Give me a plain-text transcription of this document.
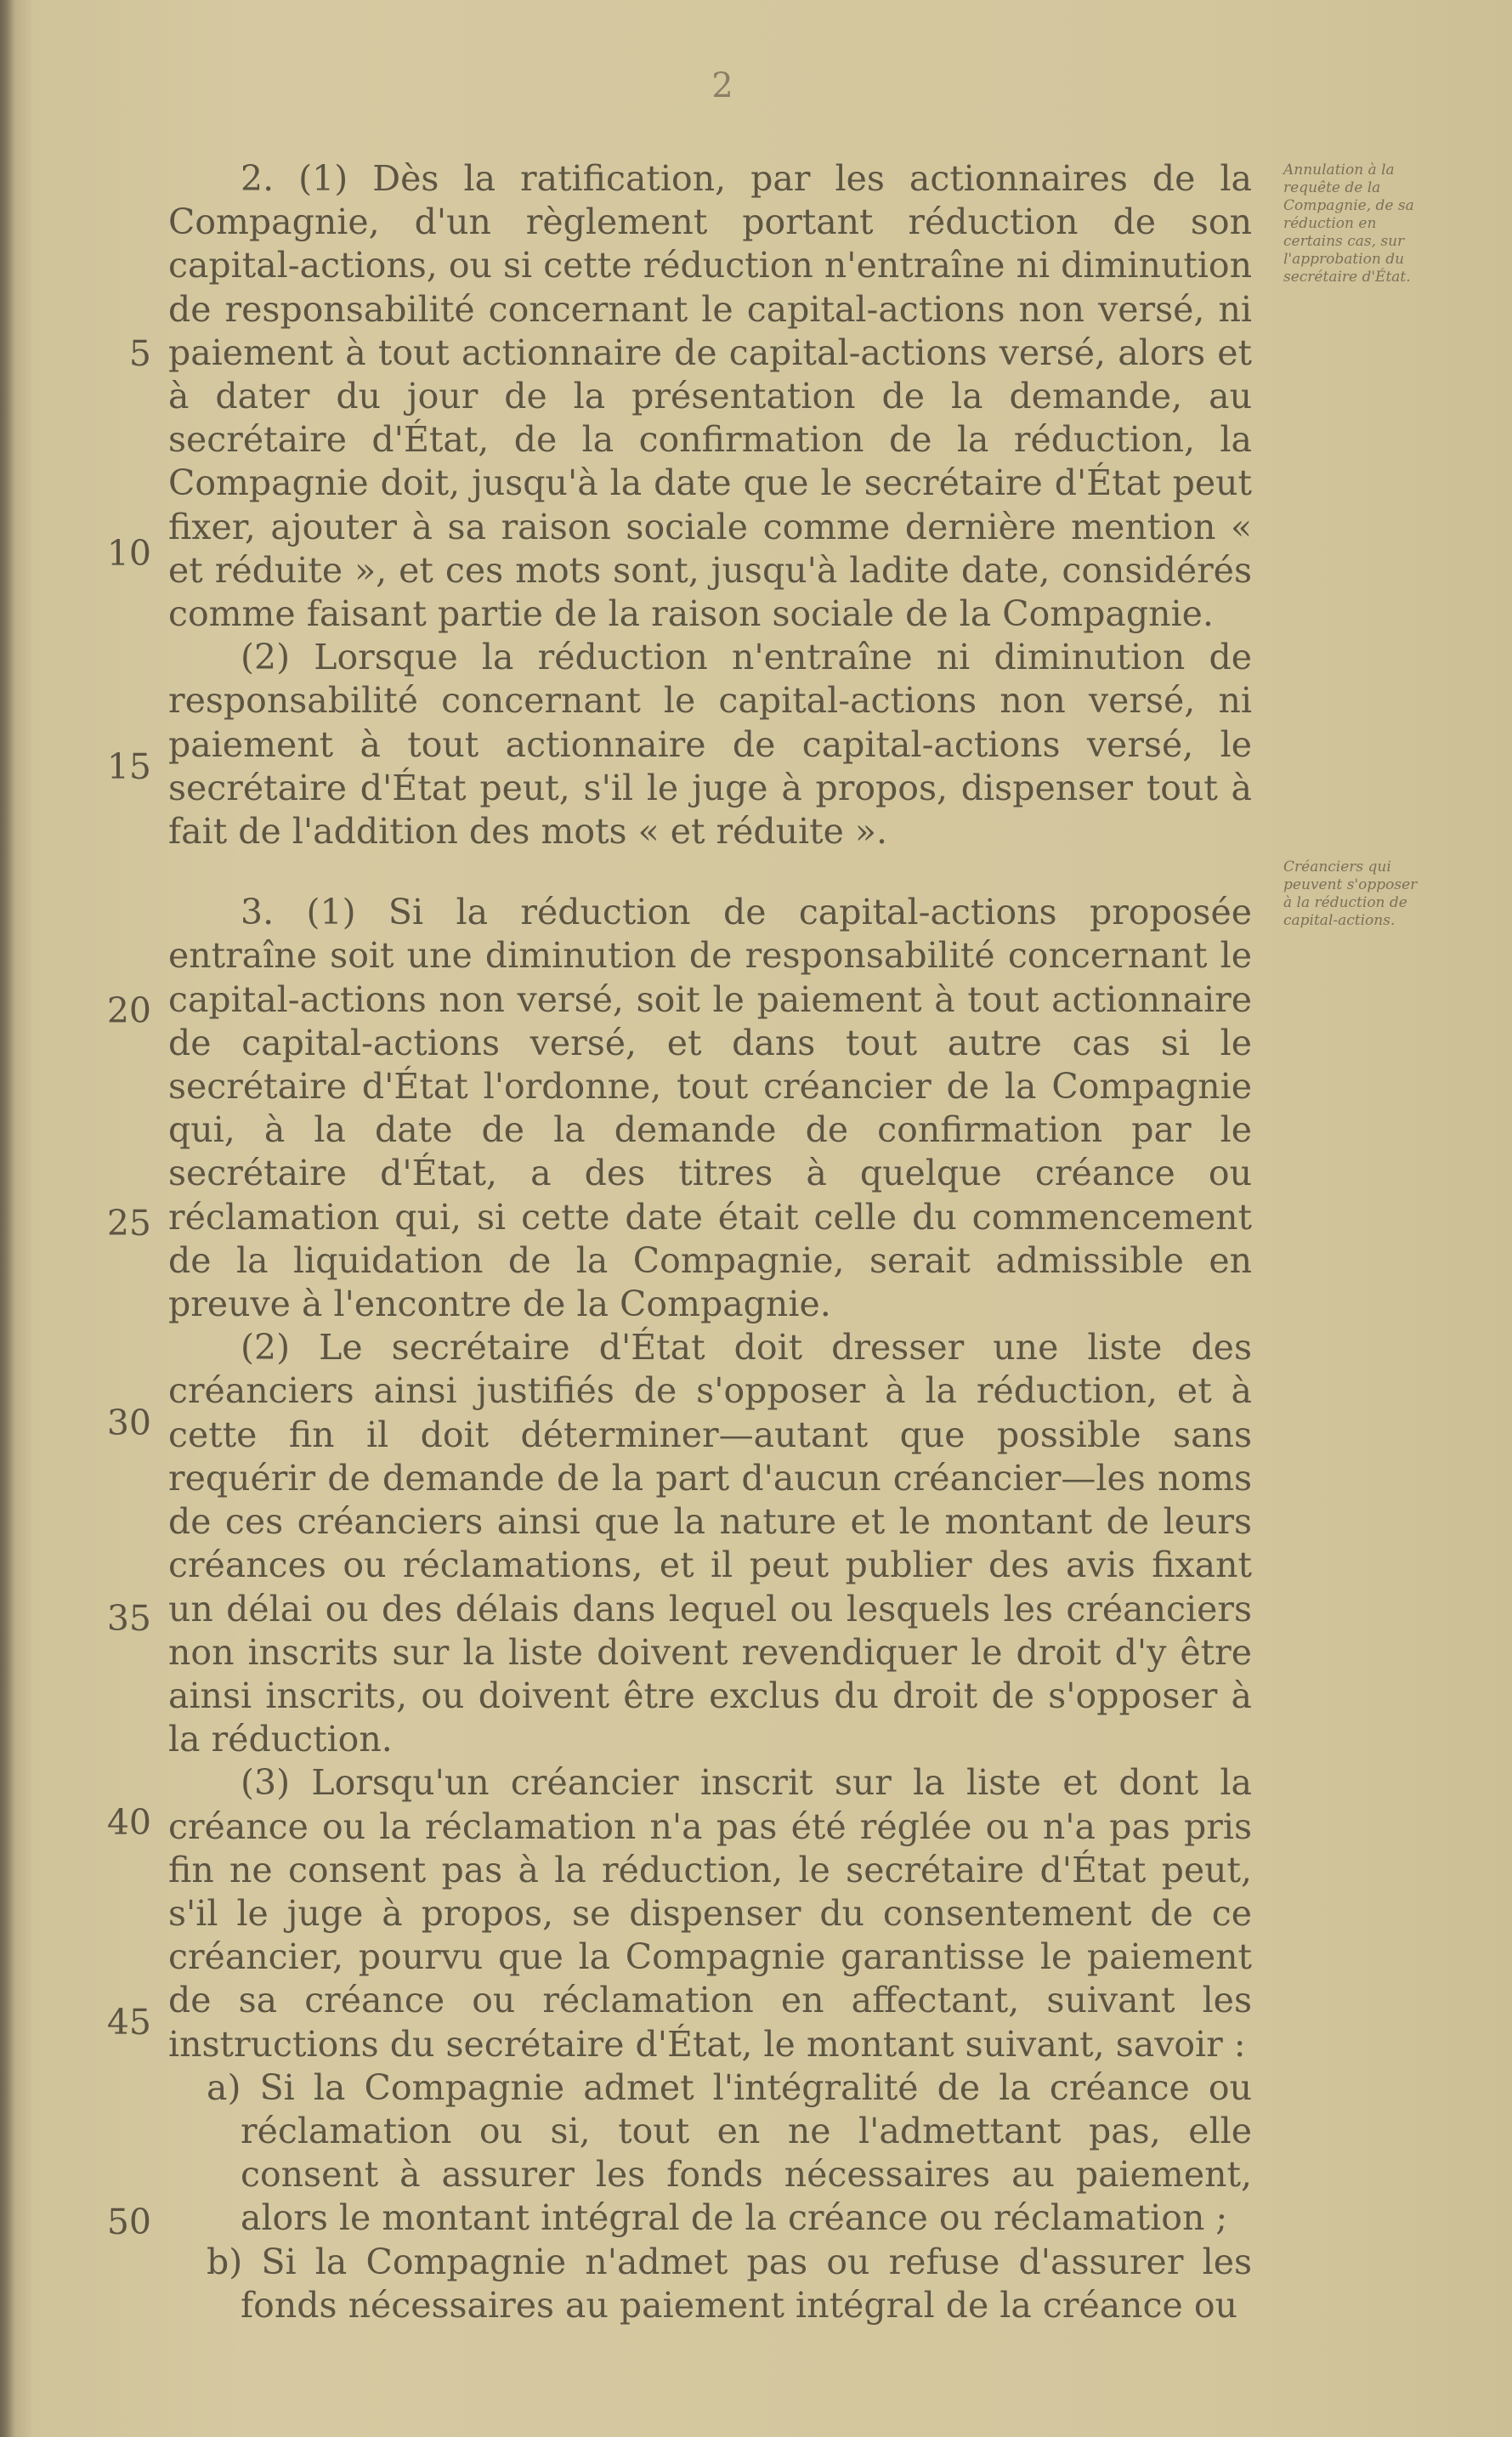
2
Annulation à la requête de la Compagnie, de sa réduction en certains cas, sur l'approbation du secrétaire d'État.
Créanciers qui peuvent s'opposer à la réduction de capital-actions.
5
10
15
20
25
30
35
40
45
50

2. (1) Dès la ratification, par les actionnaires de la Compagnie, d'un règlement portant réduction de son capital-actions, ou si cette réduction n'entraîne ni diminution de responsabilité concernant le capital-actions non versé, ni paiement à tout actionnaire de capital-actions versé, alors et à dater du jour de la présentation de la demande, au secrétaire d'État, de la confirmation de la réduction, la Compagnie doit, jusqu'à la date que le secrétaire d'État peut fixer, ajouter à sa raison sociale comme dernière mention « et réduite », et ces mots sont, jusqu'à ladite date, considérés comme faisant partie de la raison sociale de la Compagnie.

(2) Lorsque la réduction n'entraîne ni diminution de responsabilité concernant le capital-actions non versé, ni paiement à tout actionnaire de capital-actions versé, le secrétaire d'État peut, s'il le juge à propos, dispenser tout à fait de l'addition des mots « et réduite ».

3. (1) Si la réduction de capital-actions proposée entraîne soit une diminution de responsabilité concernant le capital-actions non versé, soit le paiement à tout actionnaire de capital-actions versé, et dans tout autre cas si le secrétaire d'État l'ordonne, tout créancier de la Compagnie qui, à la date de la demande de confirmation par le secrétaire d'État, a des titres à quelque créance ou réclamation qui, si cette date était celle du commencement de la liquidation de la Compagnie, serait admissible en preuve à l'encontre de la Compagnie.

(2) Le secrétaire d'État doit dresser une liste des créanciers ainsi justifiés de s'opposer à la réduction, et à cette fin il doit déterminer—autant que possible sans requérir de demande de la part d'aucun créancier—les noms de ces créanciers ainsi que la nature et le montant de leurs créances ou réclamations, et il peut publier des avis fixant un délai ou des délais dans lequel ou lesquels les créanciers non inscrits sur la liste doivent revendiquer le droit d'y être ainsi inscrits, ou doivent être exclus du droit de s'opposer à la réduction.

(3) Lorsqu'un créancier inscrit sur la liste et dont la créance ou la réclamation n'a pas été réglée ou n'a pas pris fin ne consent pas à la réduction, le secrétaire d'État peut, s'il le juge à propos, se dispenser du consentement de ce créancier, pourvu que la Compagnie garantisse le paiement de sa créance ou réclamation en affectant, suivant les instructions du secrétaire d'État, le montant suivant, savoir :

a) Si la Compagnie admet l'intégralité de la créance ou réclamation ou si, tout en ne l'admettant pas, elle consent à assurer les fonds nécessaires au paiement, alors le montant intégral de la créance ou réclamation ;

b) Si la Compagnie n'admet pas ou refuse d'assurer les fonds nécessaires au paiement intégral de la créance ou
